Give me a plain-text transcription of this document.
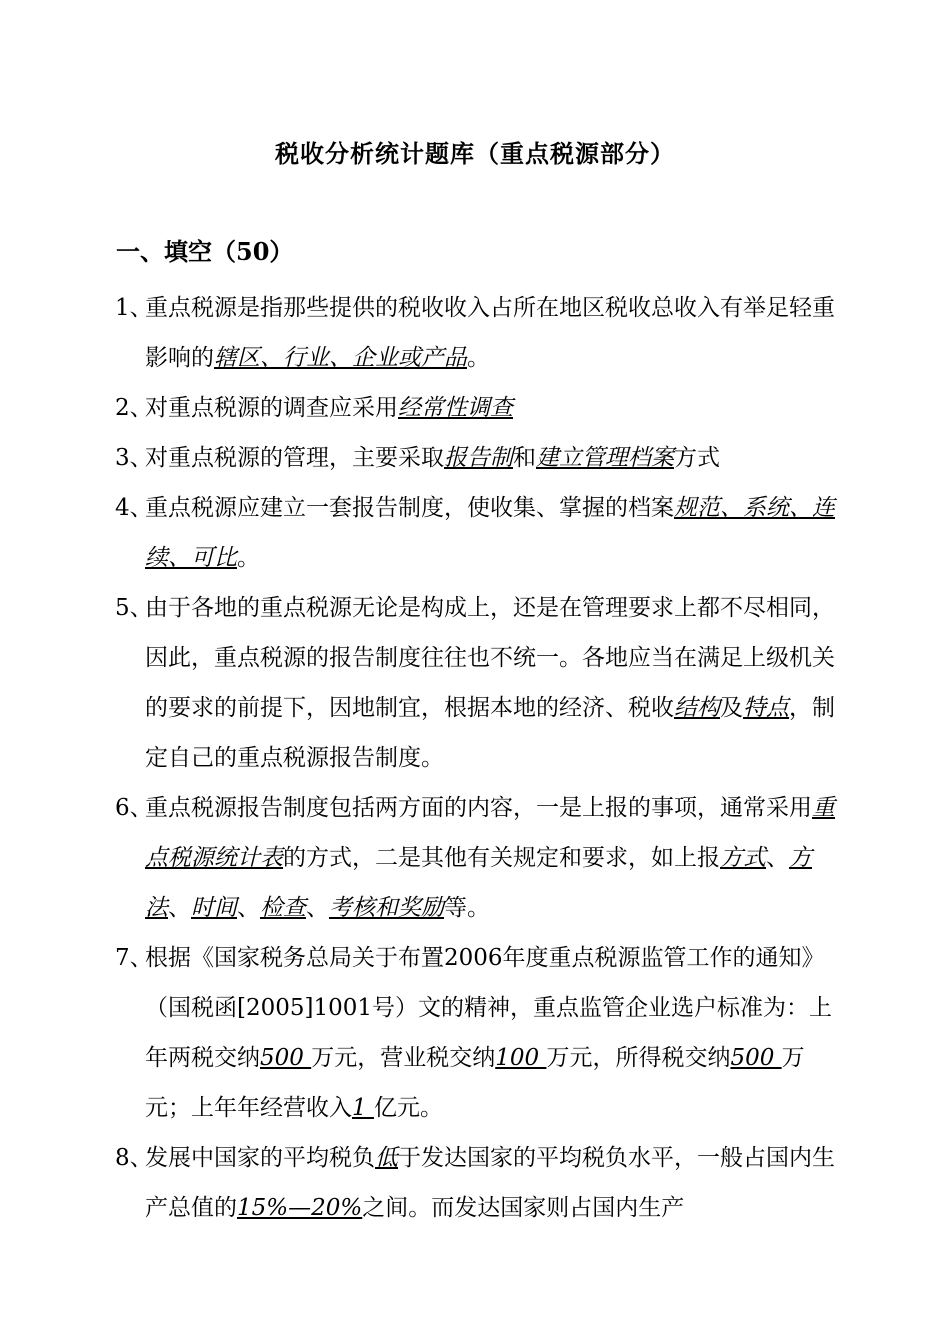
税收分析统计题库（重点税源部分）
一、填空（50）

1、
重点税源是指那些提供的税收收入占所在地区税收总收入有举足轻重影响的辖区、行业、企业或产品。

2、
对重点税源的调查应采用经常性调查

3、
对重点税源的管理，主要采取报告制和建立管理档案方式

4、
重点税源应建立一套报告制度，使收集、掌握的档案规范、系统、连续、可比。

5、
由于各地的重点税源无论是构成上，还是在管理要求上都不尽相同，因此，重点税源的报告制度往往也不统一。各地应当在满足上级机关的要求的前提下，因地制宜，根据本地的经济、税收结构及特点，制定自己的重点税源报告制度。

6、
重点税源报告制度包括两方面的内容，一是上报的事项，通常采用重点税源统计表的方式，二是其他有关规定和要求，如上报方式、方法、时间、检查、考核和奖励等。

7、
根据《国家税务总局关于布置2006年度重点税源监管工作的通知》（国税函[2005]1001号）文的精神，重点监管企业选户标准为：上年两税交纳500 万元，营业税交纳100 万元，所得税交纳500 万元；上年年经营收入1 亿元。

8、
发展中国家的平均税负低于发达国家的平均税负水平，一般占国内生产总值的15%—20%之间。而发达国家则占国内生产
